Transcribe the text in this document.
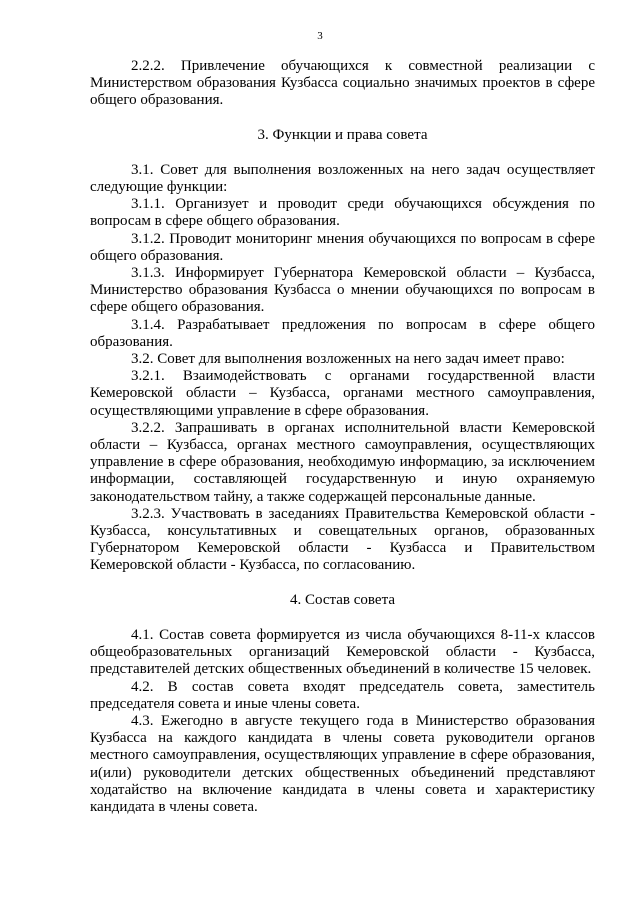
3

2.2.2. Привлечение обучающихся к совместной реализации с Министерством образования Кузбасса социально значимых проектов в сфере общего образования.

3. Функции и права совета

3.1. Совет для выполнения возложенных на него задач осуществляет следующие функции:

3.1.1. Организует и проводит среди обучающихся обсуждения по вопросам в сфере общего образования.

3.1.2. Проводит мониторинг мнения обучающихся по вопросам в сфере общего образования.

3.1.3. Информирует Губернатора Кемеровской области – Кузбасса, Министерство образования Кузбасса о мнении обучающихся по вопросам в сфере общего образования.

3.1.4. Разрабатывает предложения по вопросам в сфере общего образования.

3.2. Совет для выполнения возложенных на него задач имеет право:

3.2.1. Взаимодействовать с органами государственной власти Кемеровской области – Кузбасса, органами местного самоуправления, осуществляющими управление в сфере образования.

3.2.2. Запрашивать в органах исполнительной власти Кемеровской области – Кузбасса, органах местного самоуправления, осуществляющих управление в сфере образования, необходимую информацию, за исключением информации, составляющей государственную и иную охраняемую законодательством тайну, а также содержащей персональные данные.

3.2.3. Участвовать в заседаниях Правительства Кемеровской области - Кузбасса, консультативных и совещательных органов, образованных Губернатором Кемеровской области - Кузбасса и Правительством Кемеровской области - Кузбасса, по согласованию.

4. Состав совета

4.1. Состав совета формируется из числа обучающихся 8-11-х классов общеобразовательных организаций Кемеровской области - Кузбасса, представителей детских общественных объединений в количестве 15 человек.

4.2. В состав совета входят председатель совета, заместитель председателя совета и иные члены совета.

4.3. Ежегодно в августе текущего года в Министерство образования Кузбасса на каждого кандидата в члены совета руководители органов местного самоуправления, осуществляющих управление в сфере образования, и(или) руководители детских общественных объединений представляют ходатайство на включение кандидата в члены совета и характеристику кандидата в члены совета.
